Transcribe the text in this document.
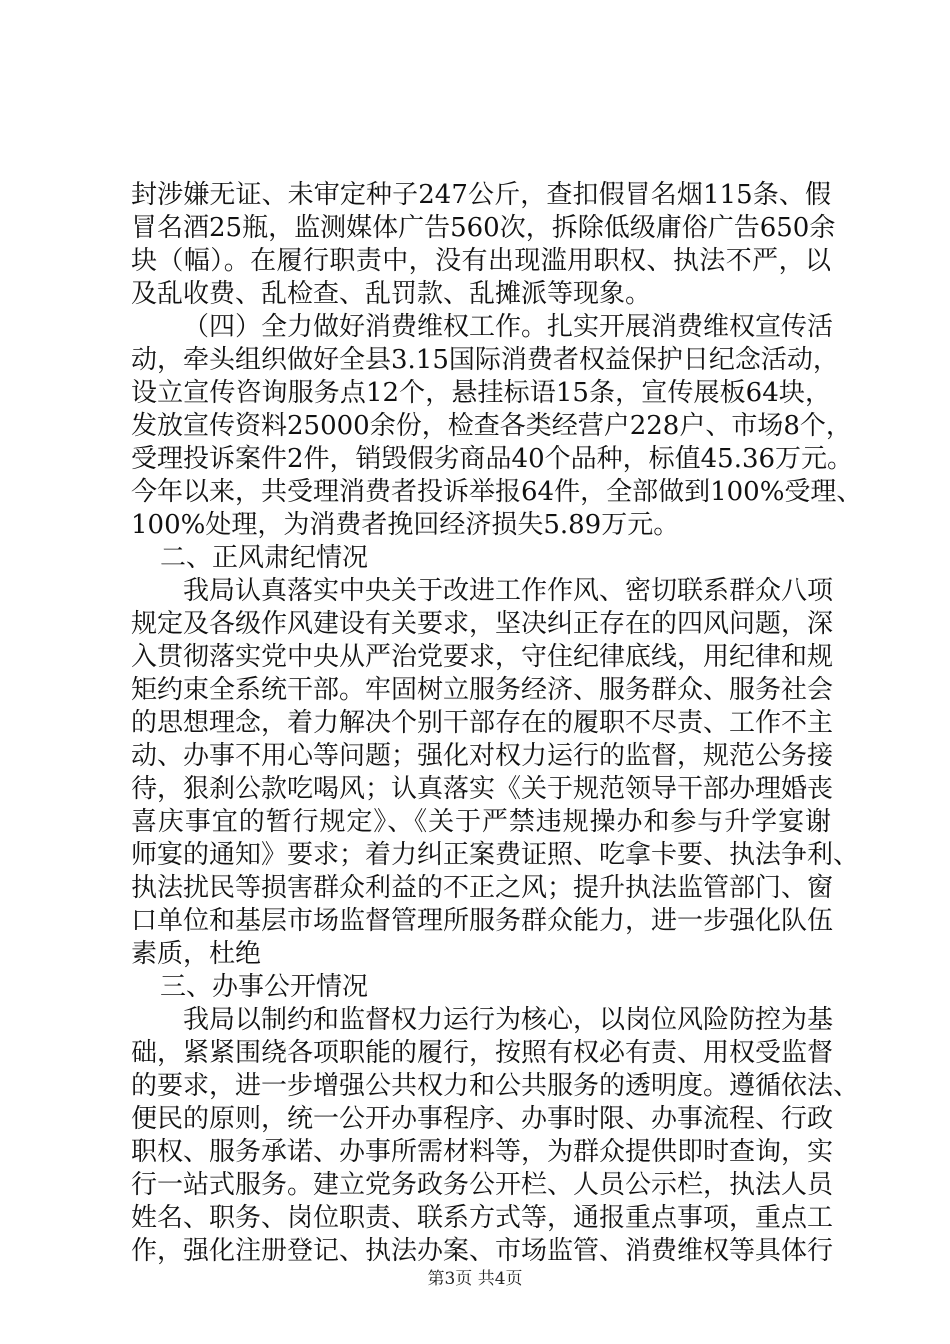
封涉嫌无证、未审定种子247公斤，查扣假冒名烟115条、假
冒名酒25瓶，监测媒体广告560次，拆除低级庸俗广告650余
块（幅）。在履行职责中，没有出现滥用职权、执法不严，以
及乱收费、乱检查、乱罚款、乱摊派等现象。
（四）全力做好消费维权工作。扎实开展消费维权宣传活
动，牵头组织做好全县3.15国际消费者权益保护日纪念活动，
设立宣传咨询服务点12个，悬挂标语15条，宣传展板64块，
发放宣传资料25000余份，检查各类经营户228户、市场8个，
受理投诉案件2件，销毁假劣商品40个品种，标值45.36万元。
今年以来，共受理消费者投诉举报64件，全部做到100%受理、
100%处理，为消费者挽回经济损失5.89万元。
二、正风肃纪情况
我局认真落实中央关于改进工作作风、密切联系群众八项
规定及各级作风建设有关要求，坚决纠正存在的四风问题，深
入贯彻落实党中央从严治党要求，守住纪律底线，用纪律和规
矩约束全系统干部。牢固树立服务经济、服务群众、服务社会
的思想理念，着力解决个别干部存在的履职不尽责、工作不主
动、办事不用心等问题；强化对权力运行的监督，规范公务接
待，狠刹公款吃喝风；认真落实《关于规范领导干部办理婚丧
喜庆事宜的暂行规定》、《关于严禁违规操办和参与升学宴谢
师宴的通知》要求；着力纠正案费证照、吃拿卡要、执法争利、
执法扰民等损害群众利益的不正之风；提升执法监管部门、窗
口单位和基层市场监督管理所服务群众能力，进一步强化队伍
素质，杜绝
三、办事公开情况
我局以制约和监督权力运行为核心，以岗位风险防控为基
础，紧紧围绕各项职能的履行，按照有权必有责、用权受监督
的要求，进一步增强公共权力和公共服务的透明度。遵循依法、
便民的原则，统一公开办事程序、办事时限、办事流程、行政
职权、服务承诺、办事所需材料等，为群众提供即时查询，实
行一站式服务。建立党务政务公开栏、人员公示栏，执法人员
姓名、职务、岗位职责、联系方式等，通报重点事项，重点工
作，强化注册登记、执法办案、市场监管、消费维权等具体行
第3页 共4页
